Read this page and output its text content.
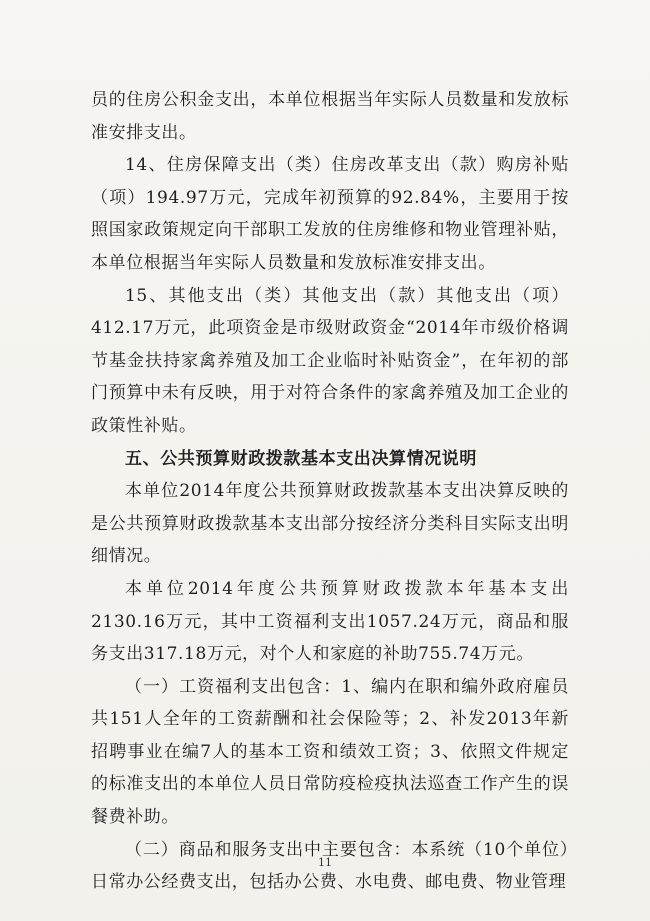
员的住房公积金支出，本单位根据当年实际人员数量和发放标准安排支出。

14、住房保障支出（类）住房改革支出（款）购房补贴（项）194.97万元，完成年初预算的92.84%，主要用于按照国家政策规定向干部职工发放的住房维修和物业管理补贴，本单位根据当年实际人员数量和发放标准安排支出。

15、其他支出（类）其他支出（款）其他支出（项）412.17万元，此项资金是市级财政资金“2014年市级价格调节基金扶持家禽养殖及加工企业临时补贴资金”，在年初的部门预算中未有反映，用于对符合条件的家禽养殖及加工企业的政策性补贴。

五、公共预算财政拨款基本支出决算情况说明

本单位2014年度公共预算财政拨款基本支出决算反映的是公共预算财政拨款基本支出部分按经济分类科目实际支出明细情况。

本单位2014年度公共预算财政拨款本年基本支出2130.16万元，其中工资福利支出1057.24万元，商品和服务支出317.18万元，对个人和家庭的补助755.74万元。

（一）工资福利支出包含：1、编内在职和编外政府雇员共151人全年的工资薪酬和社会保险等；2、补发2013年新招聘事业在编7人的基本工资和绩效工资；3、依照文件规定的标准支出的本单位人员日常防疫检疫执法巡查工作产生的误餐费补助。

（二）商品和服务支出中主要包含：本系统（10个单位）日常办公经费支出，包括办公费、水电费、邮电费、物业管理

11
